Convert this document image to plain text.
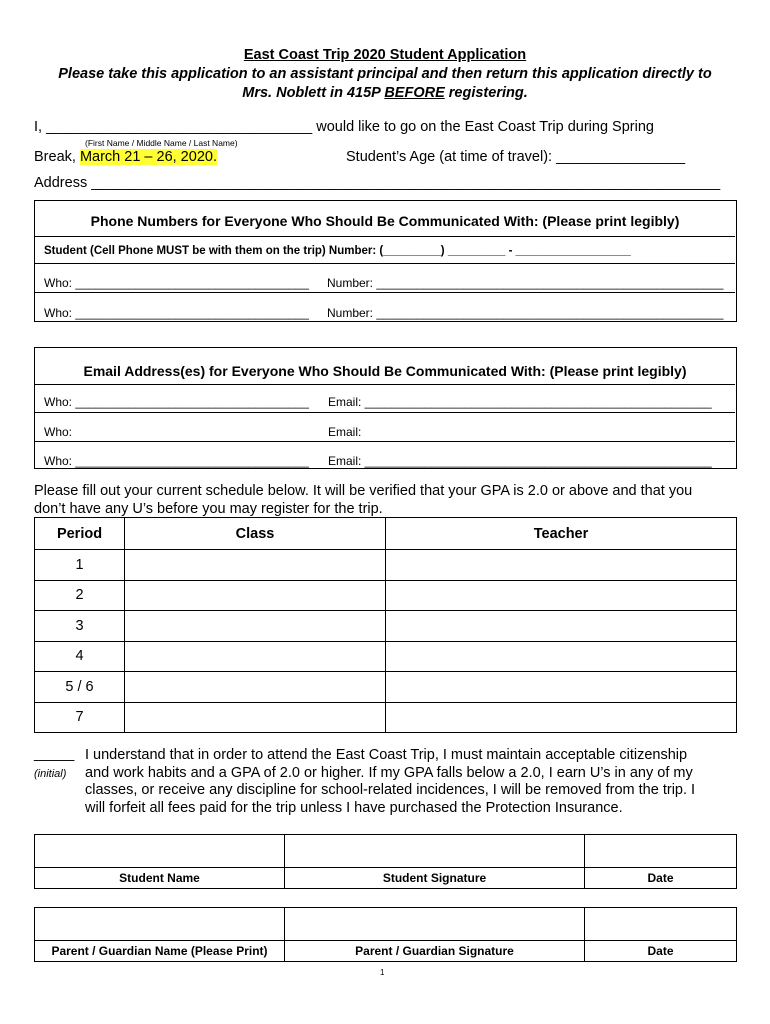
East Coast Trip 2020 Student Application
Please take this application to an assistant principal and then return this application directly to
Mrs. Noblett in 415P BEFORE registering.
I, _________________________________ would like to go on the East Coast Trip during Spring
(First Name / Middle Name / Last Name)
Break, March 21 – 26, 2020.	Student’s Age (at time of travel): ________________
Address ______________________________________________________________________________
Phone Numbers for Everyone Who Should Be Communicated With: (Please print legibly)
Student (Cell Phone MUST be with them on the trip) Number: (_________) _________ - __________________
Who: ___________________________________ Number: ____________________________________________________
Who: ___________________________________ Number: ____________________________________________________
Email Address(es) for Everyone Who Should Be Communicated With: (Please print legibly)
Who: ___________________________________ Email: ____________________________________________________
Who:	Email:
Who: ___________________________________ Email: ____________________________________________________
Please fill out your current schedule below. It will be verified that your GPA is 2.0 or above and that you
don’t have any U’s before you may register for the trip.
Period	Class	Teacher
1		
2		
3		
4		
5 / 6		
7		
_____
(initial)
I understand that in order to attend the East Coast Trip, I must maintain acceptable citizenship
and work habits and a GPA of 2.0 or higher. If my GPA falls below a 2.0, I earn U’s in any of my
classes, or receive any discipline for school-related incidences, I will be removed from the trip. I
will forfeit all fees paid for the trip unless I have purchased the Protection Insurance.

Student Name	Student Signature	Date

Parent / Guardian Name (Please Print)	Parent / Guardian Signature	Date
1
